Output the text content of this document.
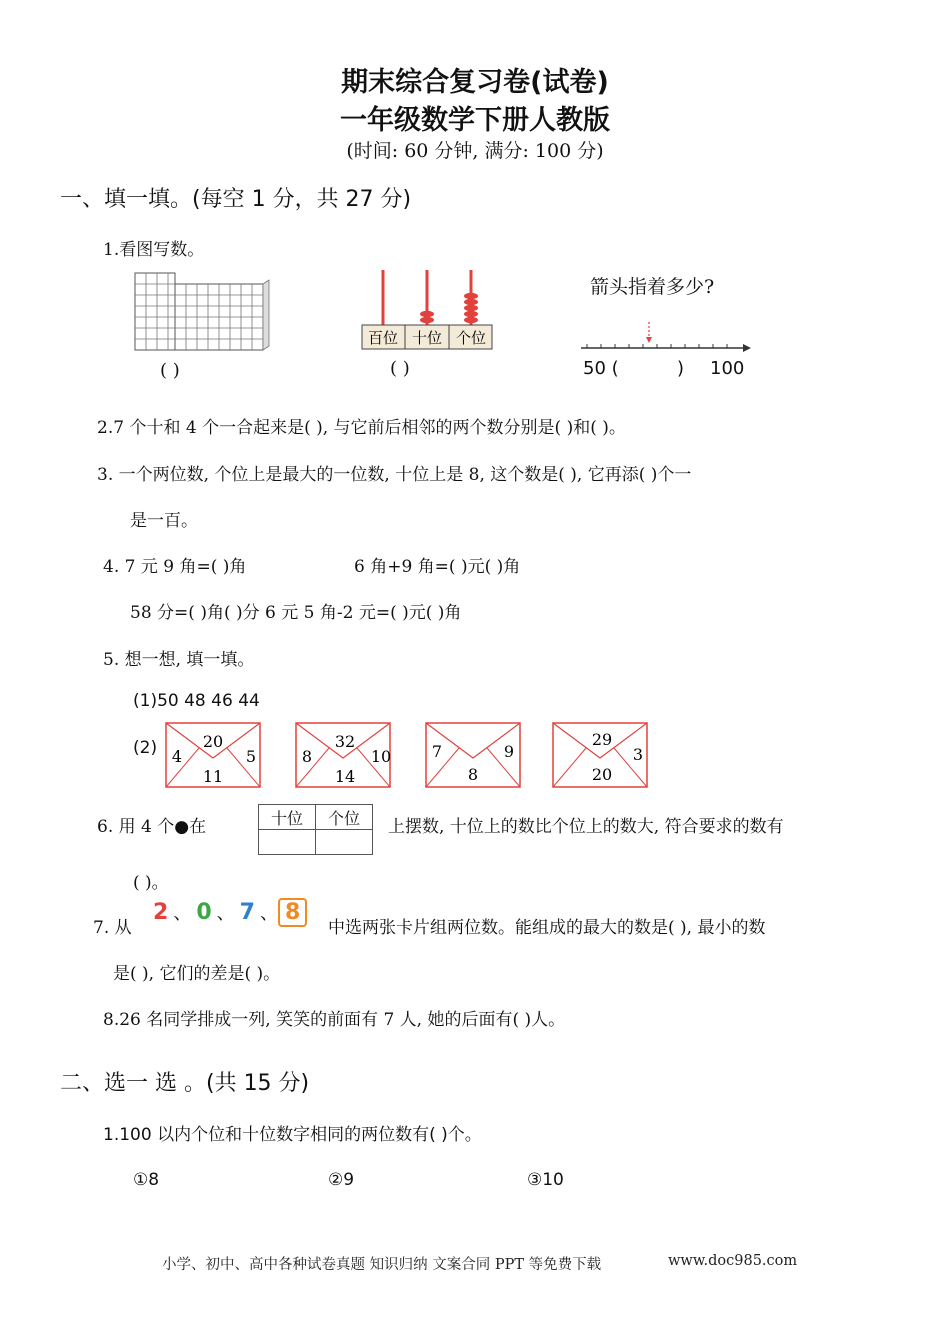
期末综合复习卷(试卷)
一年级数学下册人教版
(时间: 60 分钟, 满分: 100 分)
一、填一填。(每空 1 分，共 27 分)
1.看图写数。
( )
百位 十位 个位
( )
箭头指着多少?
50 (	) 100
2.7 个十和 4 个一合起来是( ), 与它前后相邻的两个数分别是( )和( )。
3. 一个两位数, 个位上是最大的一位数, 十位上是 8, 这个数是( ), 它再添( )个一
是一百。
4. 7 元 9 角=( )角	6 角+9 角=( )元( )角
58 分=( )角( )分 6 元 5 角-2 元=( )元( )角
5. 想一想, 填一填。
(1)50 48 46 44
(2)	20
4	5
11
32
8	10
14
7	9
8
29
3
20
6. 用 4 个●在	十位	个位
	上摆数, 十位上的数比个位上的数大, 符合要求的数有
( )。
7. 从
2 、 0 、 7 、 8
中选两张卡片组两位数。能组成的最大的数是( ), 最小的数
是( ), 它们的差是( )。
8.26 名同学排成一列, 笑笑的前面有 7 人, 她的后面有( )人。
二、选一 选 。(共 15 分)
1.100 以内个位和十位数字相同的两位数有( )个。
①8	②9	③10
小学、初中、高中各种试卷真题 知识归纳 文案合同 PPT 等免费下载	www.doc985.com
